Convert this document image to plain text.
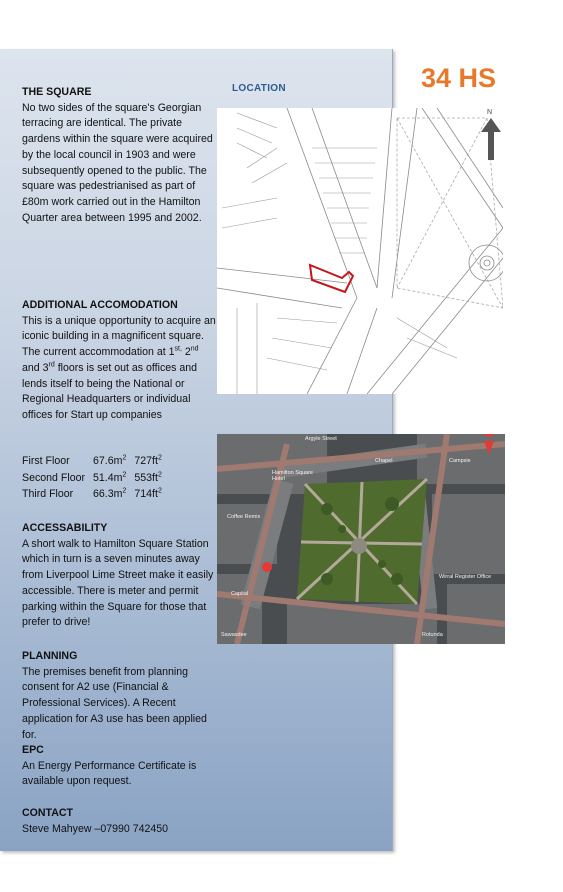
THE SQUARE
No two sides of the square's Georgian terracing are identical. The private gardens within the square were acquired by the local council in 1903 and were subsequently opened to the public. The square was pedestrianised as part of £80m work carried out in the Hamilton Quarter area between 1995 and 2002.
ADDITIONAL ACCOMODATION
This is a unique opportunity to acquire an iconic building in a magnificent square. The current accommodation at $1^{st,}$ 2nd and 3rd floors is set out as offices and lends itself to being the National or Regional Headquarters or individual offices for Start up companies
First Floor	$67.6m^2$	$727ft^2$
Second Floor	$51.4m^2$	$553ft^2$
Third Floor	$66.3m^2$	$714ft^2$
ACCESSABILITY
A short walk to Hamilton Square Station which in turn is a seven minutes away from Liverpool Lime Street make it easily accessible. There is meter and permit parking within the Square for those that prefer to drive!
PLANNING
The premises benefit from planning consent for A2 use (Financial & Professional Services). A Recent application for A3 use has been applied for.
EPC
An Energy Performance Certificate is available upon request.
CONTACT
Steve Mahyew –07990 742450
34 HS
LOCATION
N
Argyle Street
Hamilton Square Hotel
Coffee Remix
Campsie
Chapel
Wirral Register Office
Capital
Sawasdee	Rotunda
